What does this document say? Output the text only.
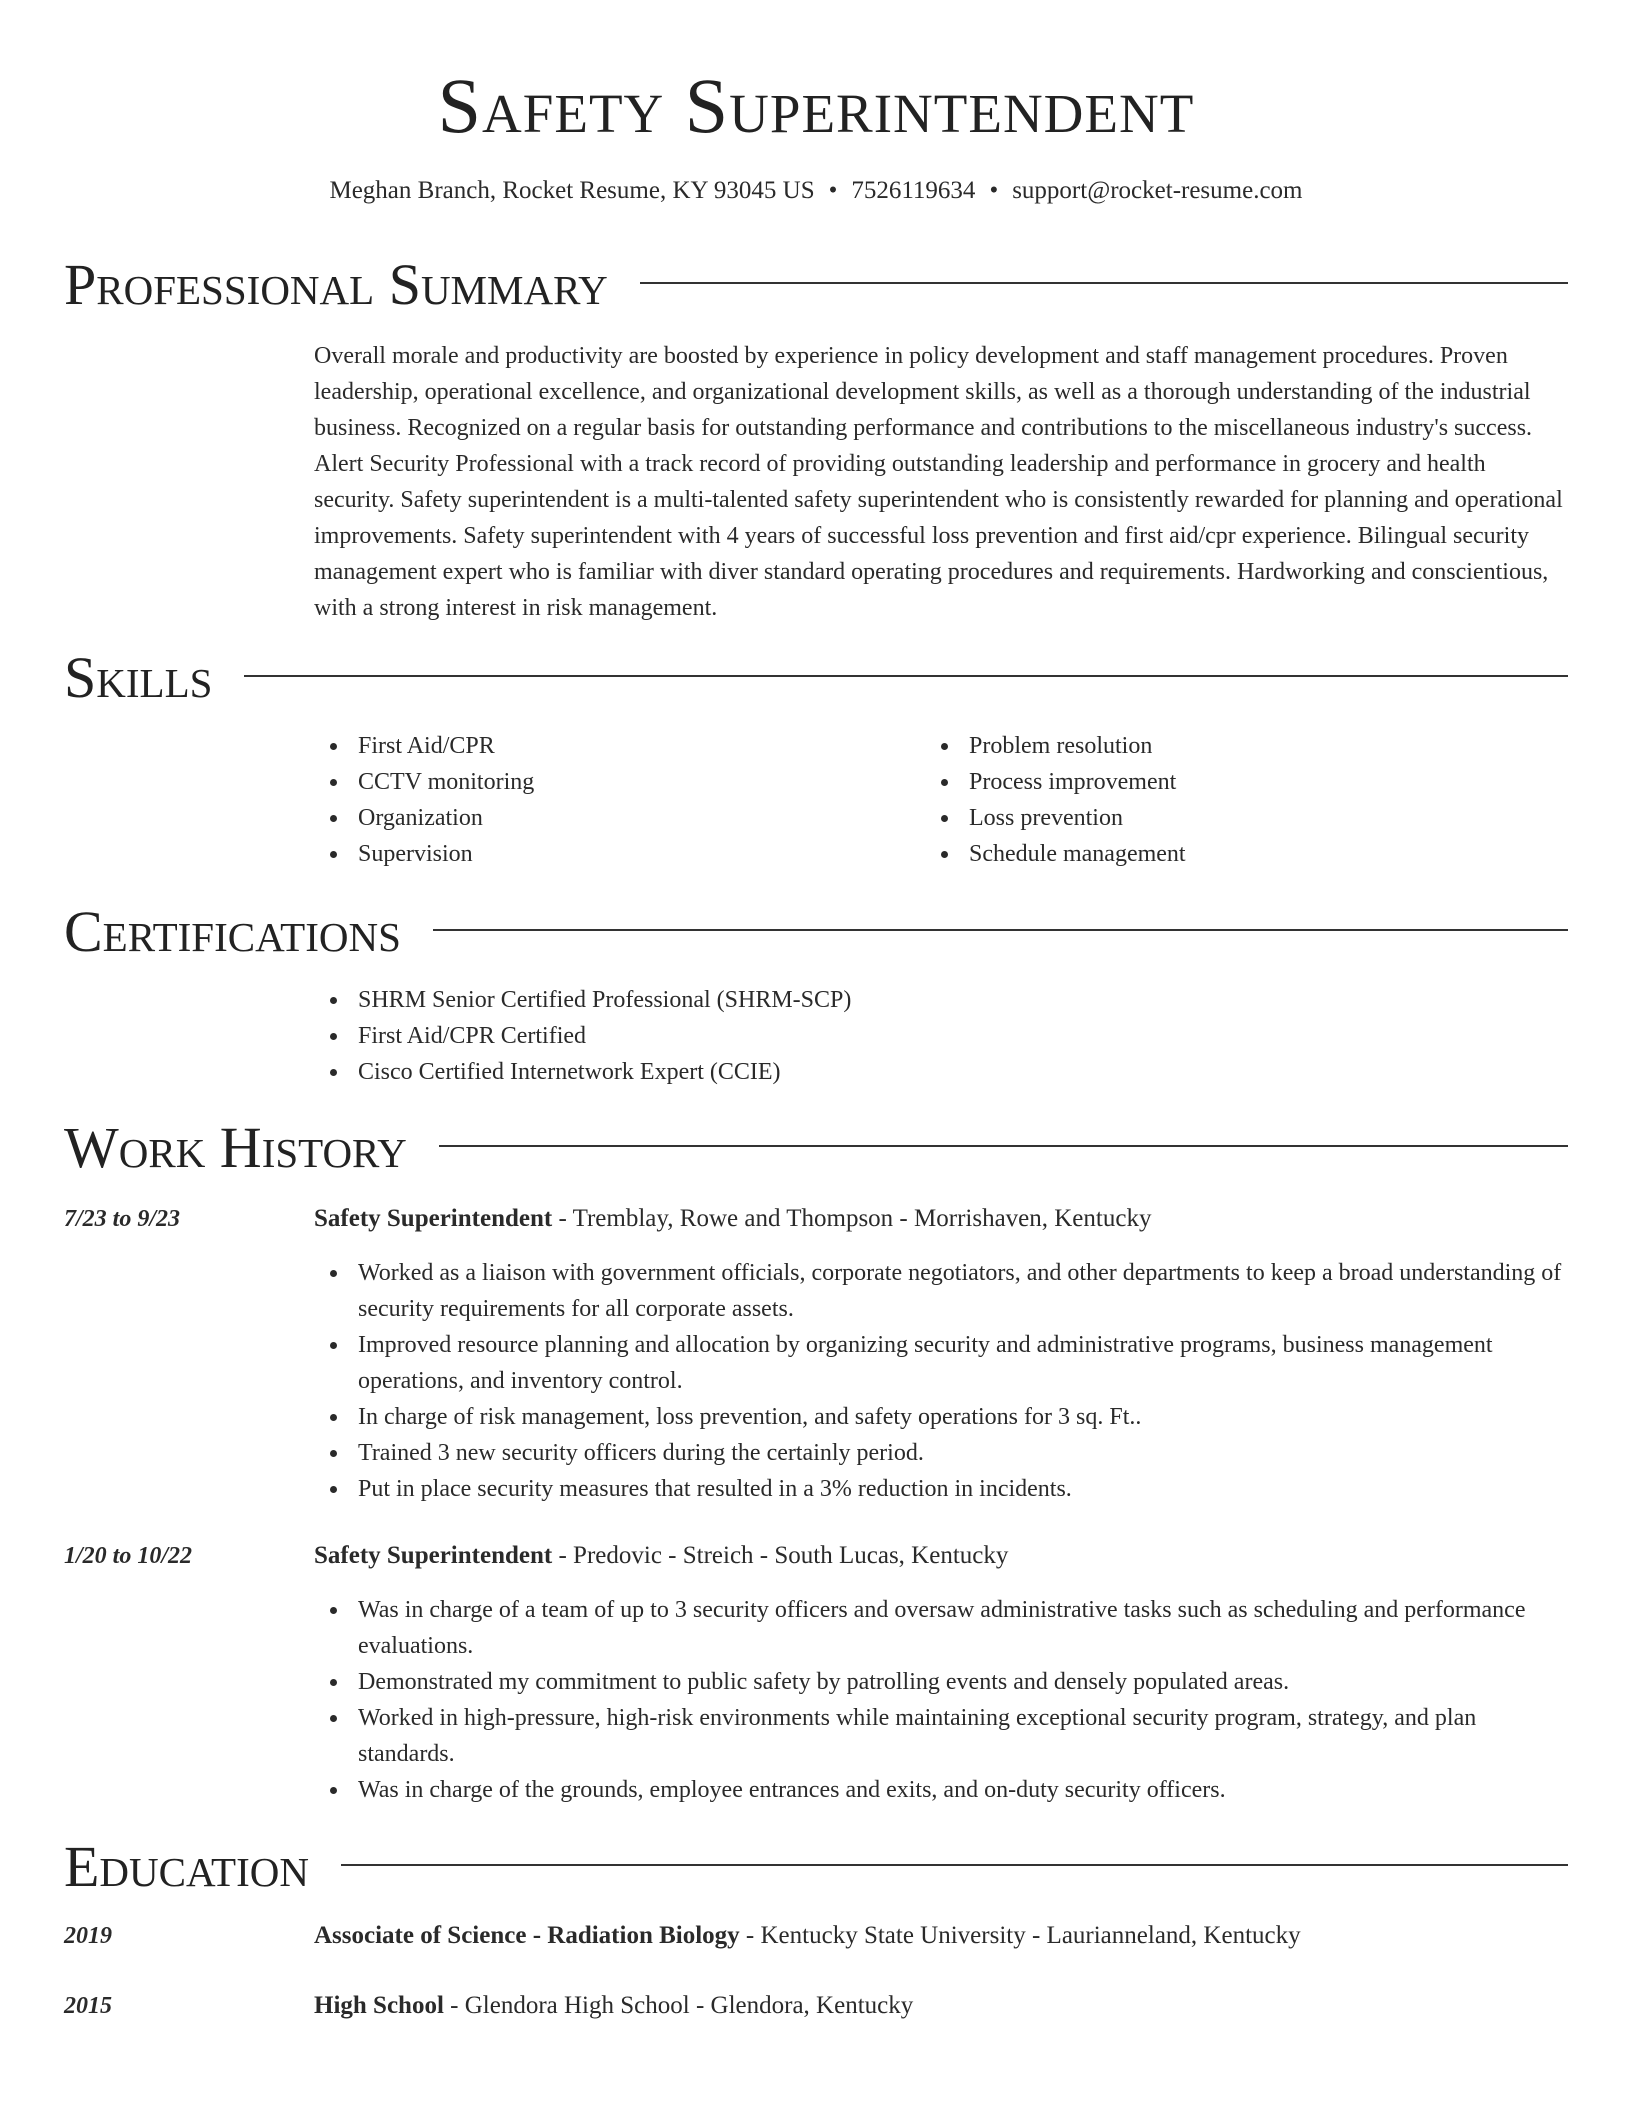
Safety Superintendent
Meghan Branch, Rocket Resume, KY 93045 US • 7526119634 • support@rocket-resume.com
Professional Summary

Overall morale and productivity are boosted by experience in policy development and staff management procedures. Proven leadership, operational excellence, and organizational development skills, as well as a thorough understanding of the industrial business. Recognized on a regular basis for outstanding performance and contributions to the miscellaneous industry's success. Alert Security Professional with a track record of providing outstanding leadership and performance in grocery and health security. Safety superintendent is a multi-talented safety superintendent who is consistently rewarded for planning and operational improvements. Safety superintendent with 4 years of successful loss prevention and first aid/cpr experience. Bilingual security management expert who is familiar with diver standard operating procedures and requirements. Hardworking and conscientious, with a strong interest in risk management.

Skills
First Aid/CPR
CCTV monitoring
Organization
Supervision
Problem resolution
Process improvement
Loss prevention
Schedule management
Certifications
SHRM Senior Certified Professional (SHRM-SCP)
First Aid/CPR Certified
Cisco Certified Internetwork Expert (CCIE)
Work History
7/23 to 9/23	Safety Superintendent - Tremblay, Rowe and Thompson - Morrishaven, Kentucky
Worked as a liaison with government officials, corporate negotiators, and other departments to keep a broad understanding of security requirements for all corporate assets.
Improved resource planning and allocation by organizing security and administrative programs, business management operations, and inventory control.
In charge of risk management, loss prevention, and safety operations for 3 sq. Ft..
Trained 3 new security officers during the certainly period.
Put in place security measures that resulted in a 3% reduction in incidents.
1/20 to 10/22	Safety Superintendent - Predovic - Streich - South Lucas, Kentucky
Was in charge of a team of up to 3 security officers and oversaw administrative tasks such as scheduling and performance evaluations.
Demonstrated my commitment to public safety by patrolling events and densely populated areas.
Worked in high-pressure, high-risk environments while maintaining exceptional security program, strategy, and plan standards.
Was in charge of the grounds, employee entrances and exits, and on-duty security officers.
Education
2019	Associate of Science - Radiation Biology - Kentucky State University - Laurianneland, Kentucky
2015	High School - Glendora High School - Glendora, Kentucky
